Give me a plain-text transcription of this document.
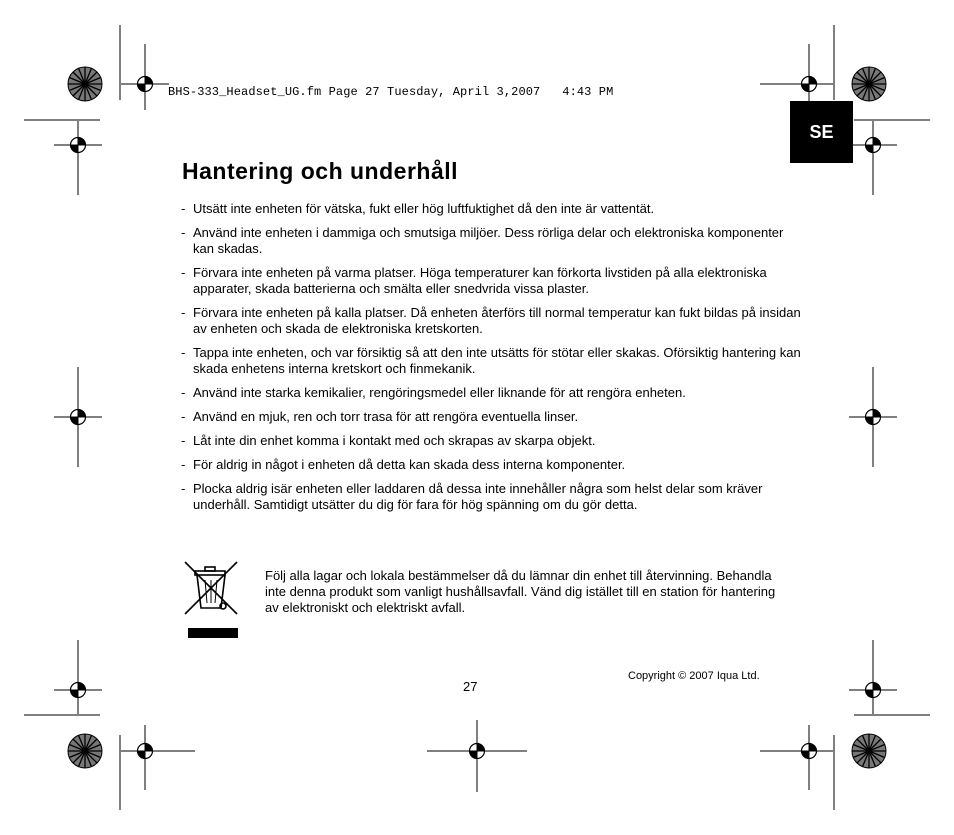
BHS-333_Headset_UG.fm Page 27 Tuesday, April 3,2007   4:43 PM
SE
Hantering och underhåll
- Utsätt inte enheten för vätska, fukt eller hög luftfuktighet då den inte är vattentät.
- Använd inte enheten i dammiga och smutsiga miljöer. Dess rörliga delar och elektroniska komponenter kan skadas.
- Förvara inte enheten på varma platser. Höga temperaturer kan förkorta livstiden på alla elektroniska apparater, skada batterierna och smälta eller snedvrida vissa plaster.
- Förvara inte enheten på kalla platser. Då enheten återförs till normal temperatur kan fukt bildas på insidan av enheten och skada de elektroniska kretskorten.
- Tappa inte enheten, och var försiktig så att den inte utsätts för stötar eller skakas. Oförsiktig hantering kan skada enhetens interna kretskort och finmekanik.
- Använd inte starka kemikalier, rengöringsmedel eller liknande för att rengöra enheten.
- Använd en mjuk, ren och torr trasa för att rengöra eventuella linser.
- Låt inte din enhet komma i kontakt med och skrapas av skarpa objekt.
- För aldrig in något i enheten då detta kan skada dess interna komponenter.
- Plocka aldrig isär enheten eller laddaren då dessa inte innehåller några som helst delar som kräver underhåll. Samtidigt utsätter du dig för fara för hög spänning om du gör detta.
Följ alla lagar och lokala bestämmelser då du lämnar din enhet till återvinning. Behandla inte denna produkt som vanligt hushållsavfall. Vänd dig istället till en station för hantering av elektroniskt och elektriskt avfall.
27
Copyright © 2007 Iqua Ltd.
